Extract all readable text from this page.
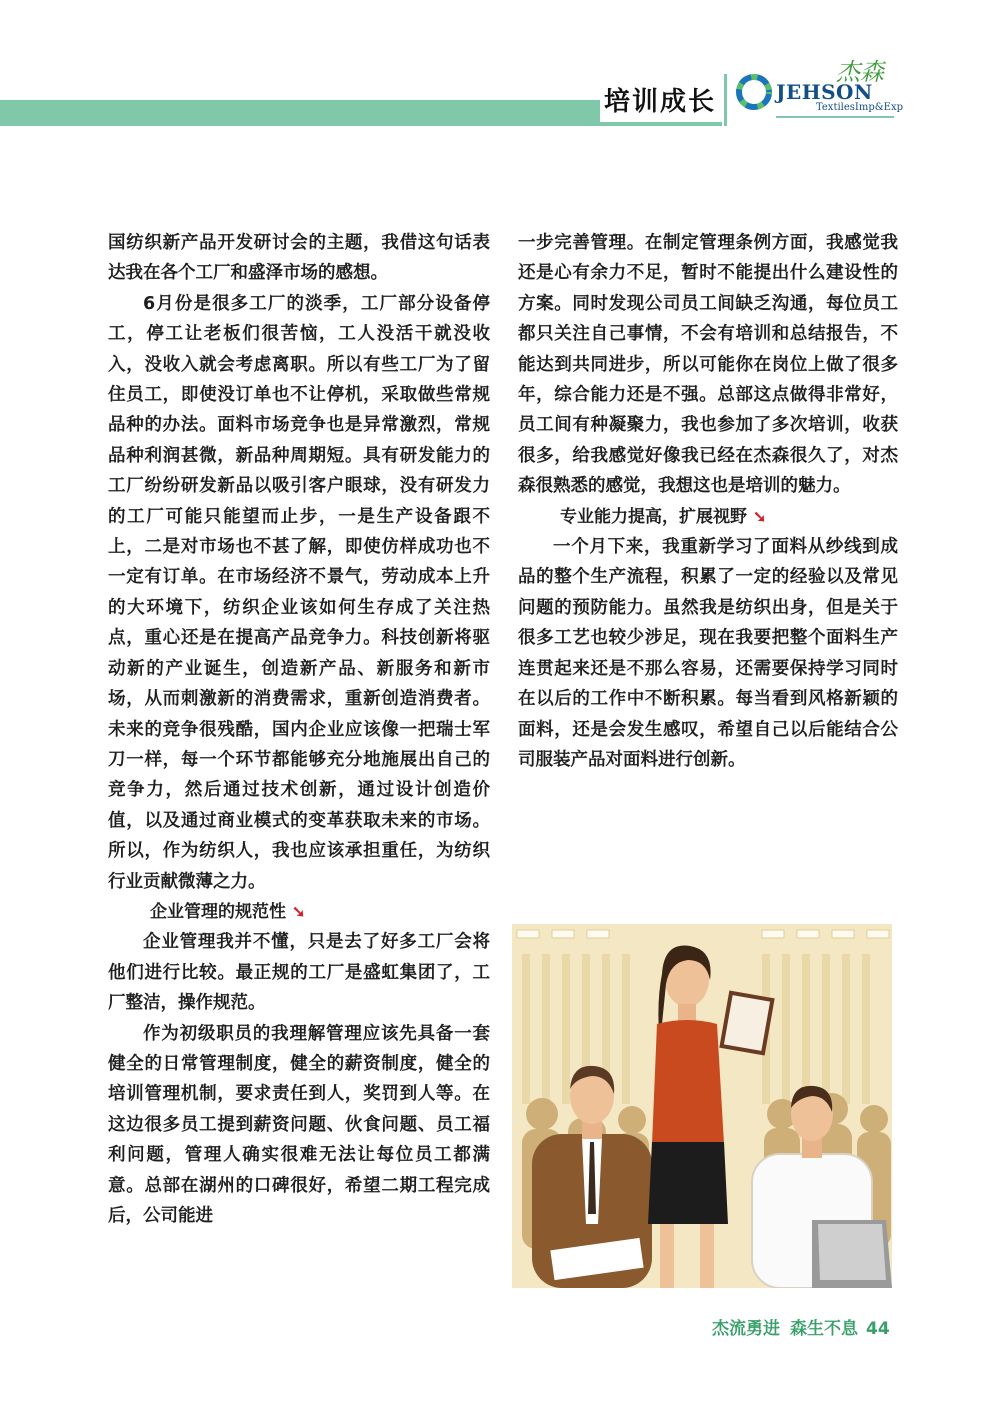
培训成长
杰森
JEHSON
TextilesImp&Exp

国纺织新产品开发研讨会的主题，我借这句话表达我在各个工厂和盛泽市场的感想。

6月份是很多工厂的淡季，工厂部分设备停工，停工让老板们很苦恼，工人没活干就没收入，没收入就会考虑离职。所以有些工厂为了留住员工，即使没订单也不让停机，采取做些常规品种的办法。面料市场竞争也是异常激烈，常规品种利润甚微，新品种周期短。具有研发能力的工厂纷纷研发新品以吸引客户眼球，没有研发力的工厂可能只能望而止步，一是生产设备跟不上，二是对市场也不甚了解，即使仿样成功也不一定有订单。在市场经济不景气，劳动成本上升的大环境下，纺织企业该如何生存成了关注热点，重心还是在提高产品竞争力。科技创新将驱动新的产业诞生，创造新产品、新服务和新市场，从而刺激新的消费需求，重新创造消费者。未来的竞争很残酷，国内企业应该像一把瑞士军刀一样，每一个环节都能够充分地施展出自己的竞争力，然后通过技术创新，通过设计创造价值，以及通过商业模式的变革获取未来的市场。所以，作为纺织人，我也应该承担重任，为纺织行业贡献微薄之力。

企业管理的规范性 ➘

企业管理我并不懂，只是去了好多工厂会将他们进行比较。最正规的工厂是盛虹集团了，工厂整洁，操作规范。

作为初级职员的我理解管理应该先具备一套健全的日常管理制度，健全的薪资制度，健全的培训管理机制，要求责任到人，奖罚到人等。在这边很多员工提到薪资问题、伙食问题、员工福利问题，管理人确实很难无法让每位员工都满意。总部在湖州的口碑很好，希望二期工程完成后，公司能进

一步完善管理。在制定管理条例方面，我感觉我还是心有余力不足，暂时不能提出什么建设性的方案。同时发现公司员工间缺乏沟通，每位员工都只关注自己事情，不会有培训和总结报告，不能达到共同进步，所以可能你在岗位上做了很多年，综合能力还是不强。总部这点做得非常好，员工间有种凝聚力，我也参加了多次培训，收获很多，给我感觉好像我已经在杰森很久了，对杰森很熟悉的感觉，我想这也是培训的魅力。

专业能力提高，扩展视野 ➘

一个月下来，我重新学习了面料从纱线到成品的整个生产流程，积累了一定的经验以及常见问题的预防能力。虽然我是纺织出身，但是关于很多工艺也较少涉足，现在我要把整个面料生产连贯起来还是不那么容易，还需要保持学习同时在以后的工作中不断积累。每当看到风格新颖的面料，还是会发生感叹，希望自己以后能结合公司服装产品对面料进行创新。

杰流勇进 森生不息 44
